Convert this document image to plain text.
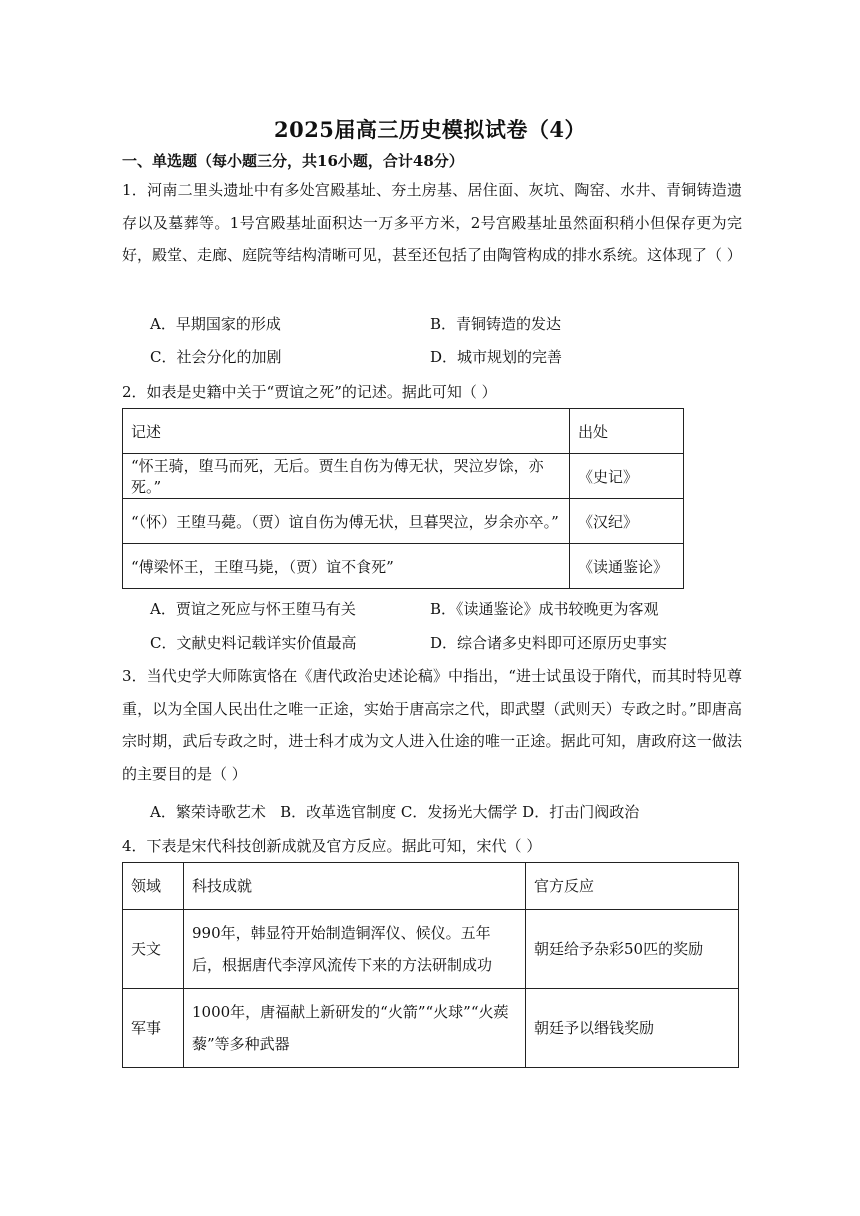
2025届高三历史模拟试卷（4）
一、单选题（每小题三分，共16小题，合计48分）
1．河南二里头遗址中有多处宫殿基址、夯土房基、居住面、灰坑、陶窑、水井、青铜铸造遗存以及墓葬等。1号宫殿基址面积达一万多平方米，2号宫殿基址虽然面积稍小但保存更为完好，殿堂、走廊、庭院等结构清晰可见，甚至还包括了由陶管构成的排水系统。这体现了（ ）
A．早期国家的形成	B．青铜铸造的发达
C．社会分化的加剧	D．城市规划的完善
2．如表是史籍中关于“贾谊之死”的记述。据此可知（ ）
记述	出处
“怀王骑，堕马而死，无后。贾生自伤为傅无状，哭泣岁馀，亦死。”	《史记》
“（怀）王堕马薨。（贾）谊自伤为傅无状，旦暮哭泣，岁余亦卒。”	《汉纪》
“傅梁怀王，王堕马毙，（贾）谊不食死”	《读通鉴论》
A．贾谊之死应与怀王堕马有关	B．《读通鉴论》成书较晚更为客观
C．文献史料记载详实价值最高	D．综合诸多史料即可还原历史事实
3．当代史学大师陈寅恪在《唐代政治史述论稿》中指出，“进士试虽设于隋代，而其时特见尊重，以为全国人民出仕之唯一正途，实始于唐高宗之代，即武曌（武则天）专政之时。”即唐高宗时期，武后专政之时，进士科才成为文人进入仕途的唯一正途。据此可知，唐政府这一做法的主要目的是（ ）
A．繁荣诗歌艺术   B．改革选官制度 C．发扬光大儒学 D．打击门阀政治
4．下表是宋代科技创新成就及官方反应。据此可知，宋代（ ）
领域	科技成就	官方反应
天文	990年，韩显符开始制造铜浑仪、候仪。五年后，根据唐代李淳风流传下来的方法研制成功	朝廷给予杂彩50匹的奖励
军事	1000年，唐福献上新研发的“火箭”“火球”“火蒺藜”等多种武器	朝廷予以缗钱奖励
